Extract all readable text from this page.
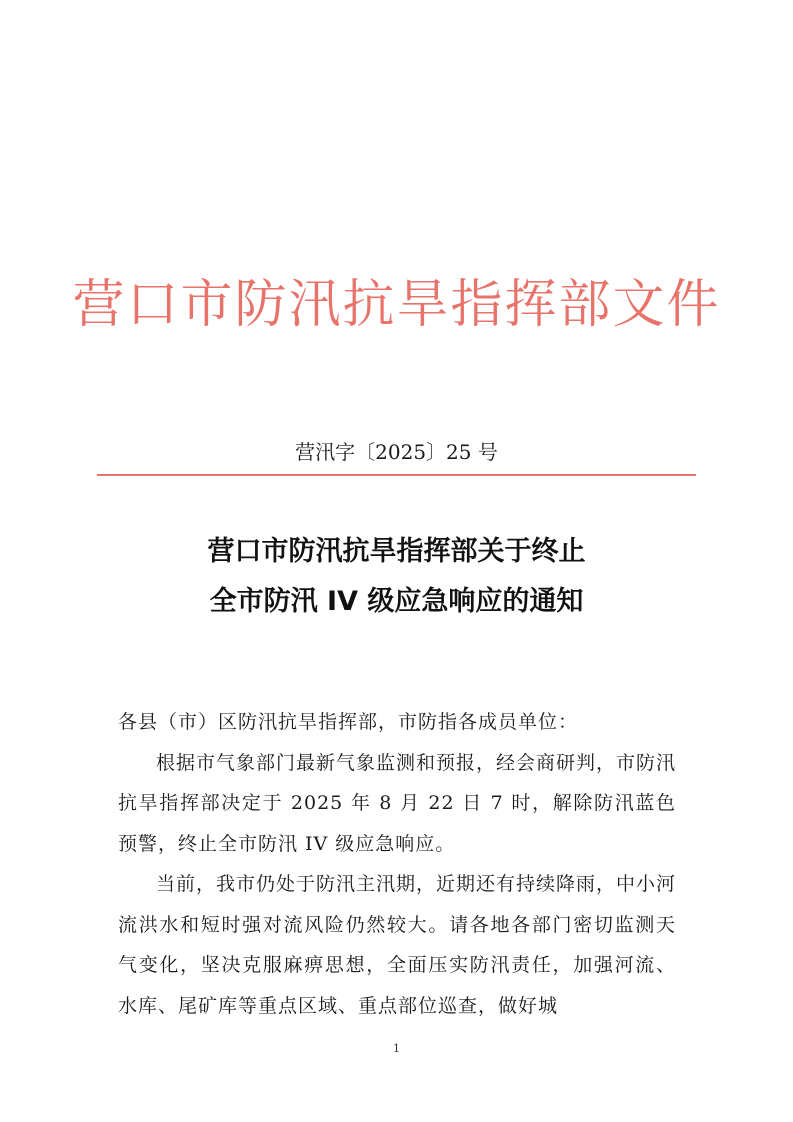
营口市防汛抗旱指挥部文件
营汛字〔2025〕25 号
营口市防汛抗旱指挥部关于终止
全市防汛 IV 级应急响应的通知

各县（市）区防汛抗旱指挥部，市防指各成员单位：

根据市气象部门最新气象监测和预报，经会商研判，市防汛抗旱指挥部决定于 2025 年 8 月 22 日 7 时，解除防汛蓝色预警，终止全市防汛 IV 级应急响应。

当前，我市仍处于防汛主汛期，近期还有持续降雨，中小河流洪水和短时强对流风险仍然较大。请各地各部门密切监测天气变化，坚决克服麻痹思想，全面压实防汛责任，加强河流、水库、尾矿库等重点区域、重点部位巡查，做好城

1
